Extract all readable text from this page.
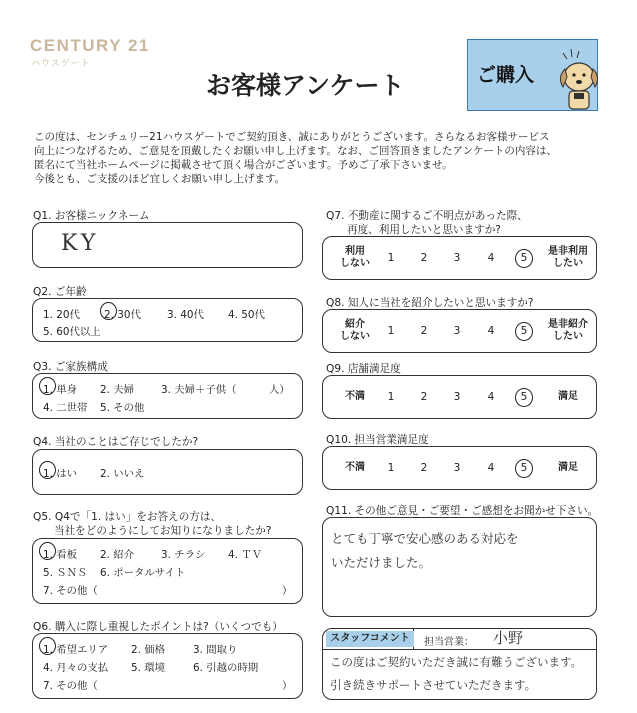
CENTURY 21
ハウスゲート
お客様アンケート	ご購入
この度は、センチュリー21ハウスゲートでご契約頂き、誠にありがとうございます。さらなるお客様サービス
向上につなげるため、ご意見を頂戴したくお願い申し上げます。なお、ご回答頂きましたアンケートの内容は、
匿名にて当社ホームページに掲載させて頂く場合がございます。予めご了承下さいませ。
今後とも、ご支援のほど宜しくお願い申し上げます。
Q1. お客様ニックネーム
KY
Q2. ご年齢
1. 20代 2. 30代	3. 40代 4. 50代
5. 60代以上
Q3. ご家族構成
1. 単身 2. 夫婦	3. 夫婦＋子供（	人）
4. 二世帯 5. その他
Q4. 当社のことはご存じでしたか?
1. はい 2. いいえ
Q5. Q4で「1. はい」をお答えの方は、
当社をどのようにしてお知りになりましたか?
1. 看板 2. 紹介	3. チラシ 4. ＴＶ
5. ＳＮＳ 6. ポータルサイト
7. その他（	）
Q6. 購入に際し重視したポイントは?（いくつでも）
1. 希望エリア 2. 価格	3. 間取り
4. 月々の支払 5. 環境	6. 引越の時期
7. その他（	）
Q7. 不動産に関するご不明点があった際、
再度、利用したいと思いますか?
利用
しない	1	2	3	4	5
是非利用
したい
Q8. 知人に当社を紹介したいと思いますか?
紹介
しない	1	2	3	4	5
是非紹介
したい
Q9. 店舗満足度
不満	1	2	3	4	5	満足
Q10. 担当営業満足度
不満	1	2	3	4	5	満足
Q11. その他ご意見・ご要望・ご感想をお聞かせ下さい。
とても丁寧で安心感のある対応を
いただけました。
スタッフコメント	担当営業： 小野
この度はご契約いただき誠に有難うございます。
引き続きサポートさせていただきます。
